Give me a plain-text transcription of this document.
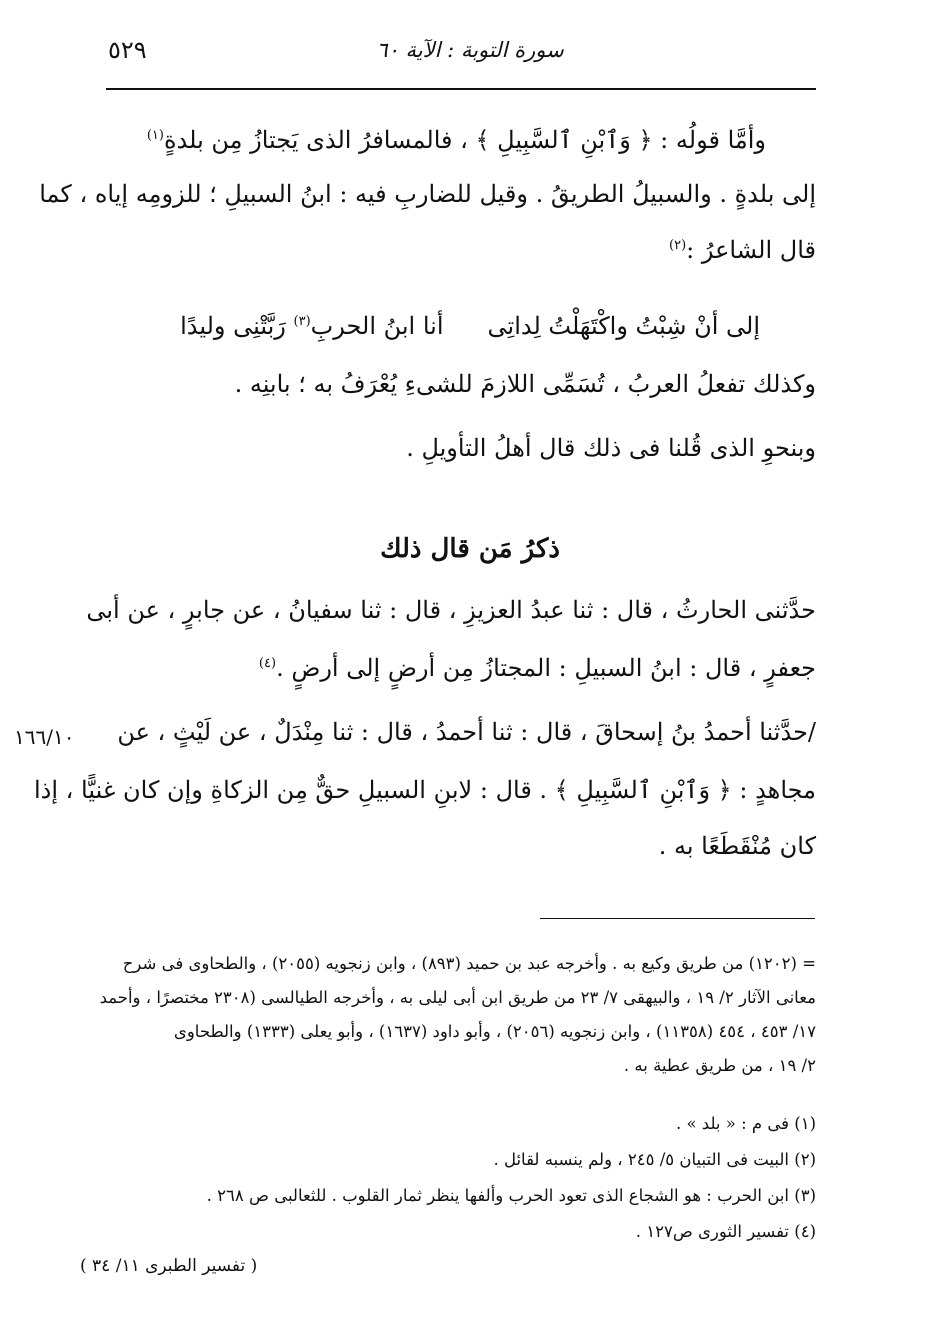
٥٢٩	سورة التوبة : الآية ٦٠
وأمَّا قولُه : ﴿ وَٱبْنِ ٱلسَّبِيلِ ﴾ ، فالمسافرُ الذى يَجتازُ مِن بلدةٍ$^{(١)}$
إلى بلدةٍ . والسبيلُ الطريقُ . وقيل للضاربِ فيه : ابنُ السبيلِ ؛ للزومِه إياه ، كما
قال الشاعرُ :$^{(٢)}$
أنا ابنُ الحربِ$^{(٣)}$ رَبَّتْنِى وليدًا	إلى أنْ شِبْتُ واكْتَهَلْتُ لِداتِى
وكذلك تفعلُ العربُ ، تُسَمِّى اللازمَ للشىءِ يُعْرَفُ به ؛ بابنِه .
وبنحوِ الذى قُلنا فى ذلك قال أهلُ التأويلِ .
ذكرُ مَن قال ذلك
حدَّثنى الحارثُ ، قال : ثنا عبدُ العزيزِ ، قال : ثنا سفيانُ ، عن جابرٍ ، عن أبى
جعفرٍ ، قال : ابنُ السبيلِ : المجتازُ مِن أرضٍ إلى أرضٍ .$^{(٤)}$
/حدَّثنا أحمدُ بنُ إسحاقَ ، قال : ثنا أحمدُ ، قال : ثنا مِنْدَلٌ ، عن لَيْثٍ ، عن
١٦٦/١٠
مجاهدٍ : ﴿ وَٱبْنِ ٱلسَّبِيلِ ﴾ . قال : لابنِ السبيلِ حقٌّ مِن الزكاةِ وإن كان غنيًّا ، إذا
كان مُنْقَطَعًا به .
= (١٢٠٢) من طريق وكيع به . وأخرجه عبد بن حميد (٨٩٣) ، وابن زنجويه (٢٠٥٥) ، والطحاوى فى شرح
معانى الآثار ٢/ ١٩ ، والبيهقى ٧/ ٢٣ من طريق ابن أبى ليلى به ، وأخرجه الطيالسى (٢٣٠٨ مختصرًا ، وأحمد
١٧/ ٤٥٣ ، ٤٥٤ (١١٣٥٨) ، وابن زنجويه (٢٠٥٦) ، وأبو داود (١٦٣٧) ، وأبو يعلى (١٣٣٣) والطحاوى
٢/ ١٩ ، من طريق عطية به .
(١) فى م : « بلد » .
(٢) البيت فى التبيان ٥/ ٢٤٥ ، ولم ينسبه لقائل .
(٣) ابن الحرب : هو الشجاع الذى تعود الحرب وألفها ينظر ثمار القلوب . للثعالبى ص ٢٦٨ .
(٤) تفسير الثورى ص١٢٧ .
( تفسير الطبرى ١١/ ٣٤ )
